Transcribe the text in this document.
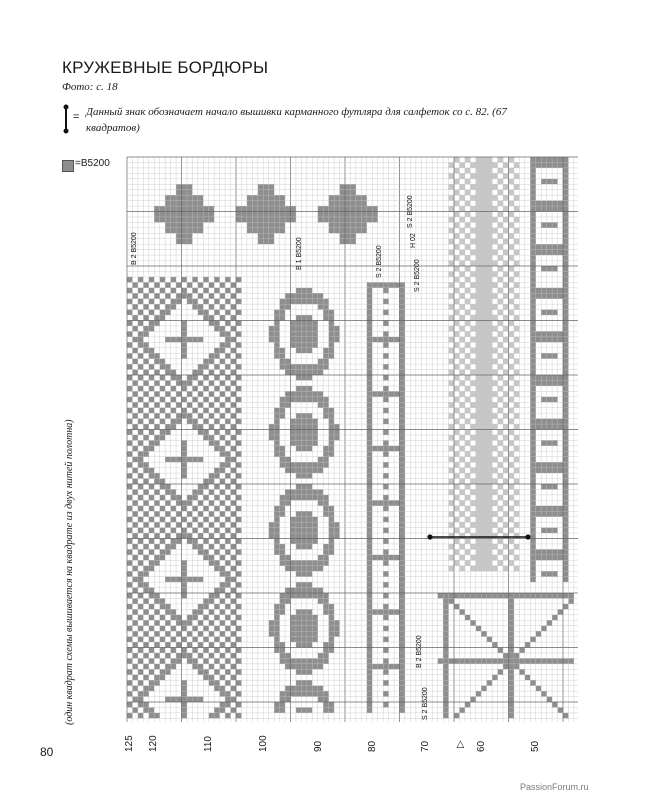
КРУЖЕВНЫЕ БОРДЮРЫ
Фото: с. 18
= Данный знак обозначает начало вышивки карманного футляра для салфеток со с. 82. (67 квадратов)
=B5200
(один квадрат схемы вышивается на квадрате из двух нитей полотна)
80
В 2 В5200	В 1 В5200	S 2 В5200
S 2 В5200
Н 02
S 2 В5200
В 2 В5200
S 2 В5200
125 120	110	100	90	80	70	60	50
▷
PassionForum.ru
